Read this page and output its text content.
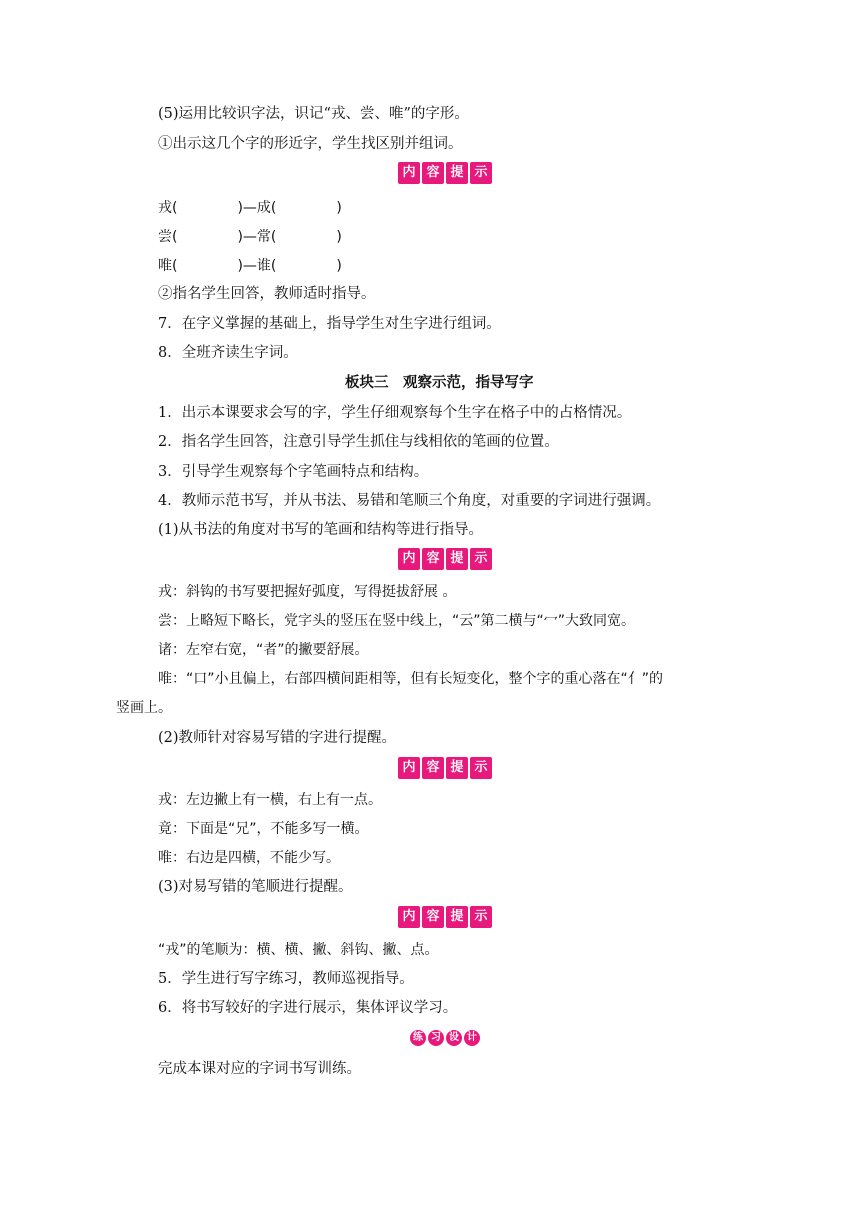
(5)运用比较识字法，识记“戎、尝、唯”的字形。
①出示这几个字的形近字，学生找区别并组词。
内 容 提 示
戎(	)—成(	)
尝(	)—常(	)
唯(	)—谁(	)
②指名学生回答，教师适时指导。
7．在字义掌握的基础上，指导学生对生字进行组词。
8．全班齐读生字词。
板块三　观察示范，指导写字
1．出示本课要求会写的字，学生仔细观察每个生字在格子中的占格情况。
2．指名学生回答，注意引导学生抓住与线相依的笔画的位置。
3．引导学生观察每个字笔画特点和结构。
4．教师示范书写，并从书法、易错和笔顺三个角度，对重要的字词进行强调。
(1)从书法的角度对书写的笔画和结构等进行指导。
内 容 提 示
戎：斜钩的书写要把握好弧度，写得挺拔舒展 。
尝：上略短下略长，党字头的竖压在竖中线上，“云”第二横与“冖”大致同宽。
诸：左窄右宽，“者”的撇要舒展。
唯：“口”小且偏上，右部四横间距相等，但有长短变化，整个字的重心落在“亻”的
竖画上。
(2)教师针对容易写错的字进行提醒。
内 容 提 示
戎：左边撇上有一横，右上有一点。
竟：下面是“兄”，不能多写一横。
唯：右边是四横，不能少写。
(3)对易写错的笔顺进行提醒。
内 容 提 示
“戎”的笔顺为：横、横、撇、斜钩、撇、点。
5．学生进行写字练习，教师巡视指导。
6．将书写较好的字进行展示，集体评议学习。
练 习 设 计
完成本课对应的字词书写训练。
